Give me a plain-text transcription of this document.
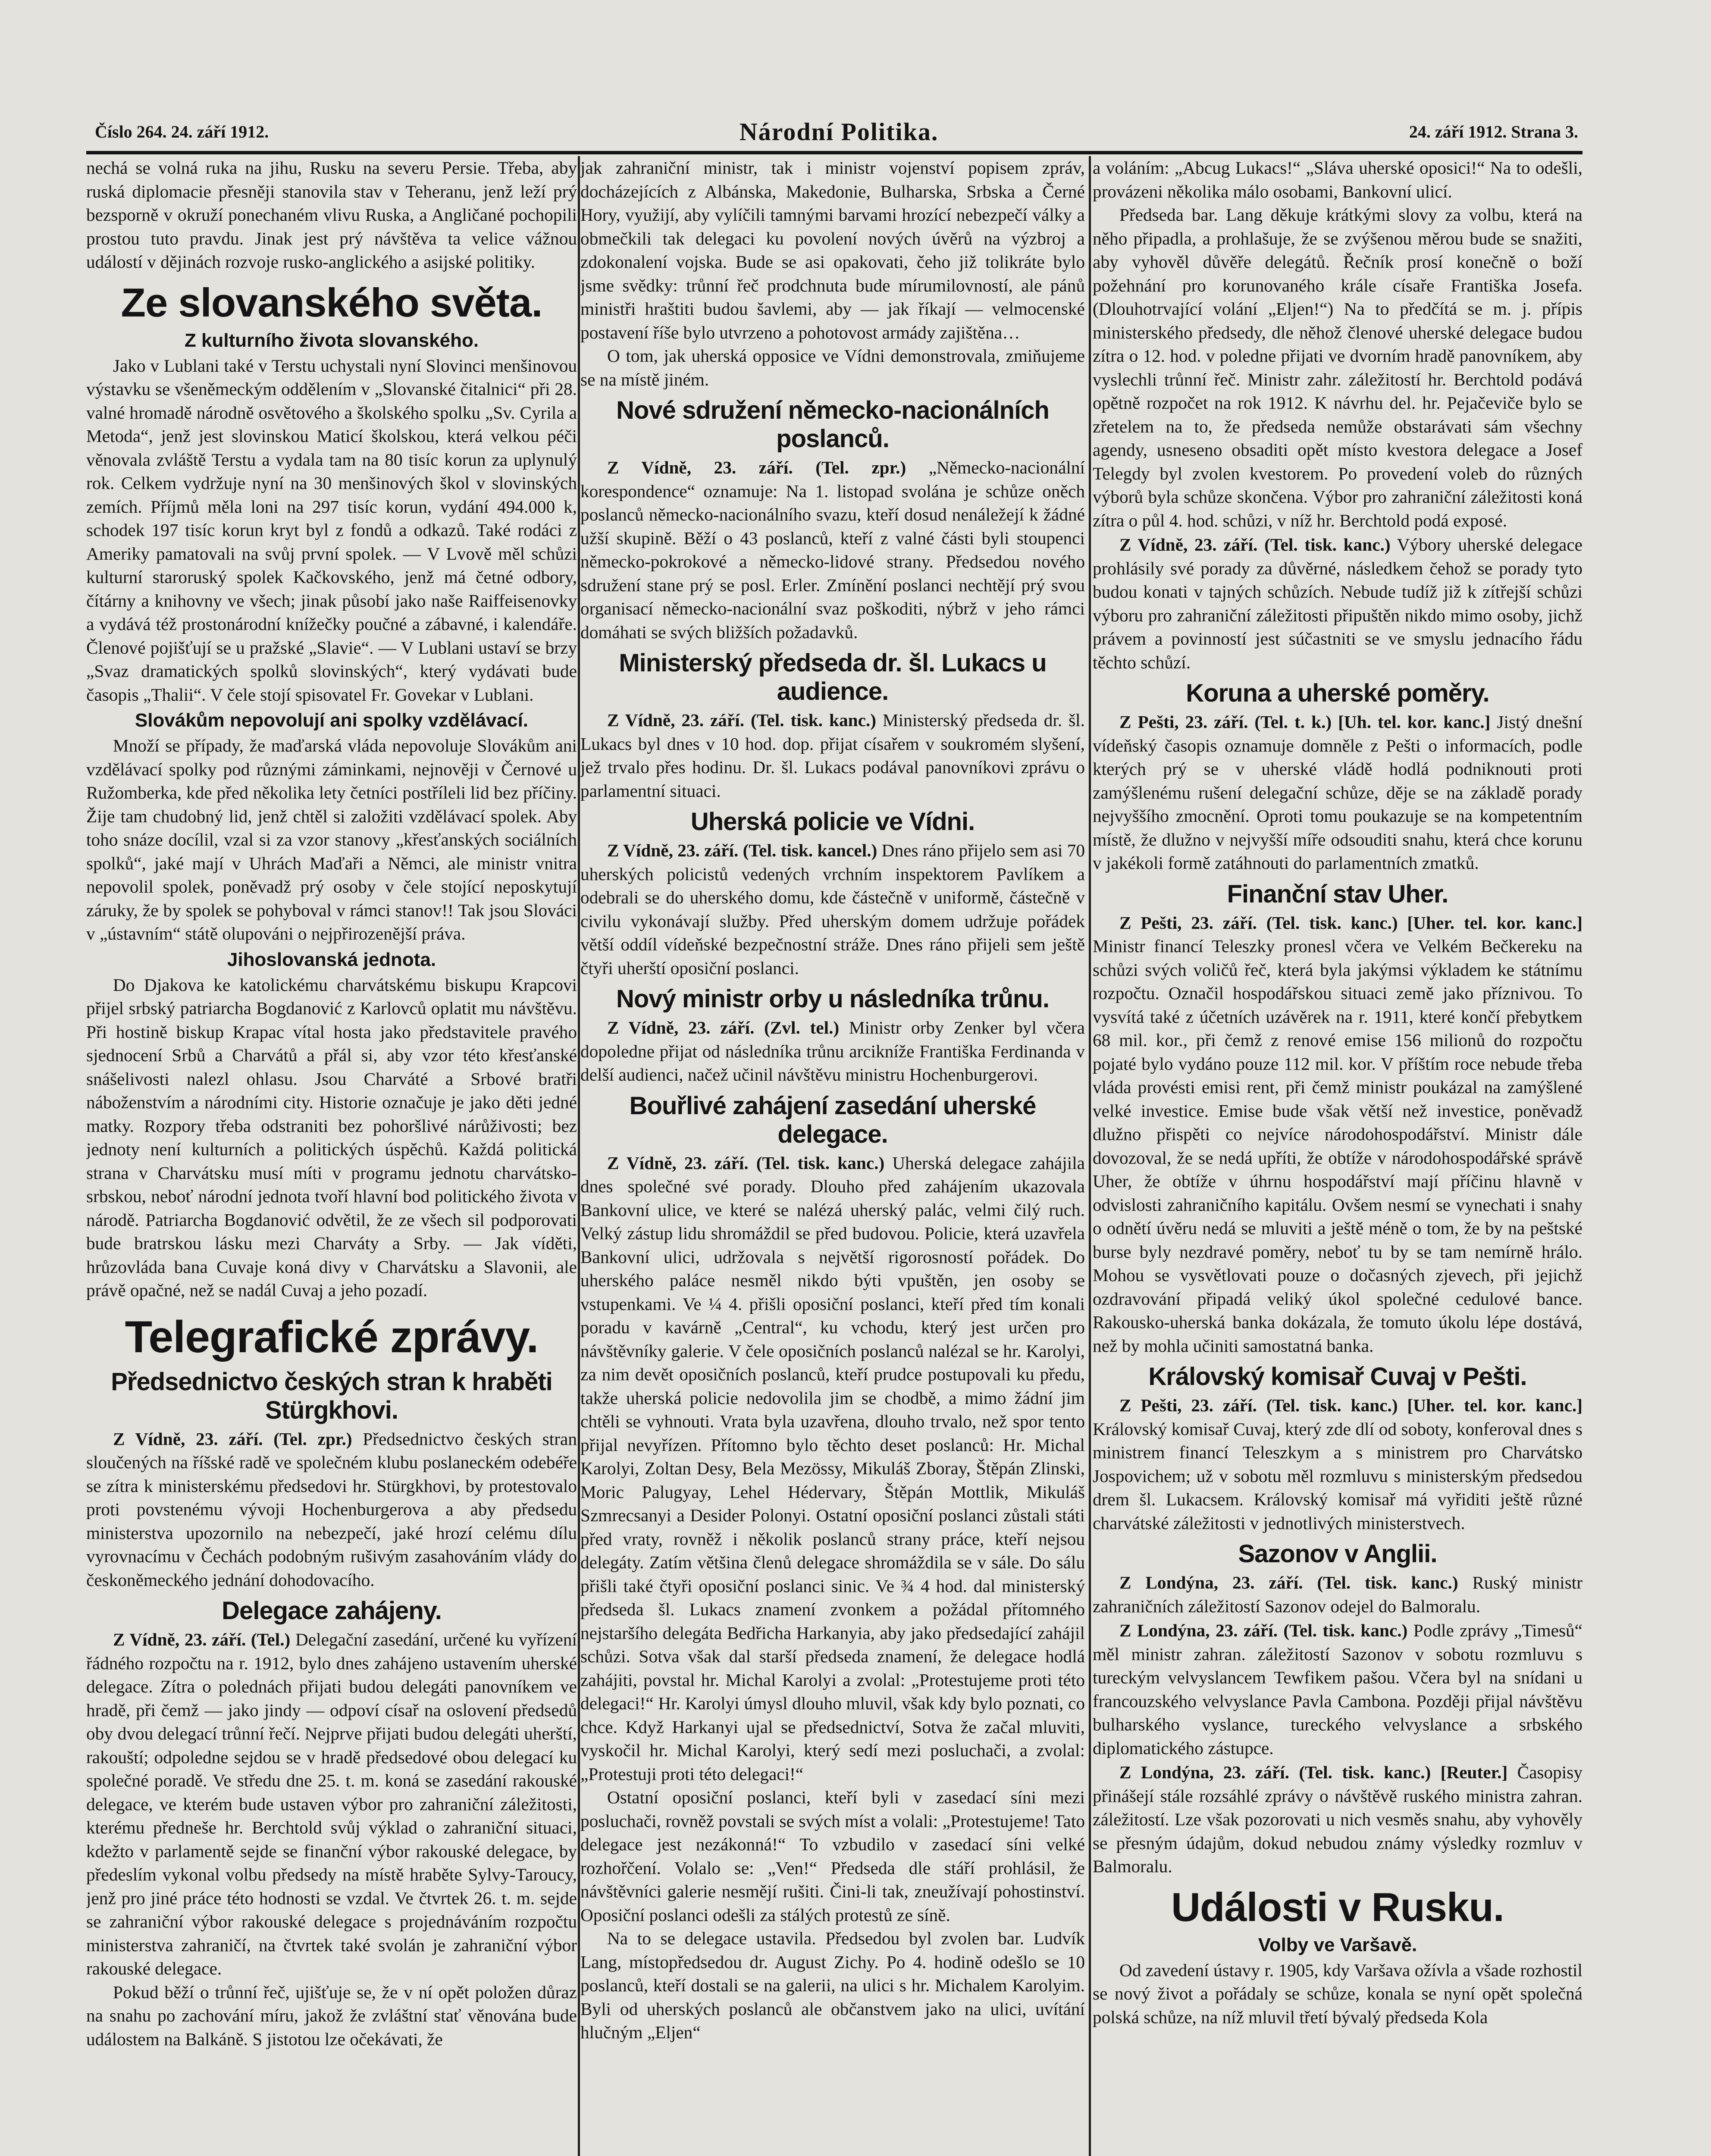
Číslo 264. 24. září 1912.	Národní Politika.	24. září 1912. Strana 3.

nechá se volná ruka na jihu, Rusku na severu Persie. Třeba, aby ruská diplomacie přesněji stanovila stav v Teheranu, jenž leží prý bezsporně v okruží ponechaném vlivu Ruska, a Angličané pochopili prostou tuto pravdu. Jinak jest prý návštěva ta velice vážnou událostí v dějinách rozvoje rusko-anglického a asijské politiky.

Ze slovanského světa.
Z kulturního života slovanského.

Jako v Lublani také v Terstu uchystali nyní Slovinci menšinovou výstavku se všeněmeckým oddělením v „Slovanské čitalnici“ při 28. valné hromadě národně osvětového a školského spolku „Sv. Cyrila a Metoda“, jenž jest slovinskou Maticí školskou, která velkou péči věnovala zvláště Terstu a vydala tam na 80 tisíc korun za uplynulý rok. Celkem vydržuje nyní na 30 menšinových škol v slovinských zemích. Příjmů měla loni na 297 tisíc korun, vydání 494.000 k, schodek 197 tisíc korun kryt byl z fondů a odkazů. Také rodáci z Ameriky pamatovali na svůj první spolek. — V Lvově měl schůzi kulturní staroruský spolek Kačkovského, jenž má četné odbory, čítárny a knihovny ve všech; jinak působí jako naše Raiffeisenovky a vydává též prostonárodní knížečky poučné a zábavné, i kalendáře. Členové pojišťují se u pražské „Slavie“. — V Lublani ustaví se brzy „Svaz dramatických spolků slovinských“, který vydávati bude časopis „Thalii“. V čele stojí spisovatel Fr. Govekar v Lublani.

Slovákům nepovolují ani spolky vzdělávací.

Množí se případy, že maďarská vláda nepovoluje Slovákům ani vzdělávací spolky pod různými záminkami, nejnověji v Černové u Ružomberka, kde před několika lety četníci postříleli lid bez příčiny. Žije tam chudobný lid, jenž chtěl si založiti vzdělávací spolek. Aby toho snáze docílil, vzal si za vzor stanovy „křesťanských sociálních spolků“, jaké mají v Uhrách Maďaři a Němci, ale ministr vnitra nepovolil spolek, poněvadž prý osoby v čele stojící neposkytují záruky, že by spolek se pohyboval v rámci stanov!! Tak jsou Slováci v „ústavním“ státě olupováni o nejpřirozenější práva.

Jihoslovanská jednota.

Do Djakova ke katolickému charvátskému biskupu Krapcovi přijel srbský patriarcha Bogdanović z Karlovců oplatit mu návštěvu. Při hostině biskup Krapac vítal hosta jako představitele pravého sjednocení Srbů a Charvátů a přál si, aby vzor této křesťanské snášelivosti nalezl ohlasu. Jsou Charváté a Srbové bratři náboženstvím a národními city. Historie označuje je jako děti jedné matky. Rozpory třeba odstraniti bez pohoršlivé nárůživosti; bez jednoty není kulturních a politických úspěchů. Každá politická strana v Charvátsku musí míti v programu jednotu charvátsko-srbskou, neboť národní jednota tvoří hlavní bod politického života v národě. Patriarcha Bogdanović odvětil, že ze všech sil podporovati bude bratrskou lásku mezi Charváty a Srby. — Jak víděti, hrůzovláda bana Cuvaje koná divy v Charvátsku a Slavonii, ale právě opačné, než se nadál Cuvaj a jeho pozadí.

Telegrafické zprávy.
Předsednictvo českých stran k hraběti Stürgkhovi.

Z Vídně, 23. září. (Tel. zpr.) Předsednictvo českých stran sloučených na říšské radě ve společném klubu poslaneckém odebéře se zítra k ministerskému předsedovi hr. Stürgkhovi, by protestovalo proti povstenému vývoji Hochenburgerova a aby předsedu ministerstva upozornilo na nebezpečí, jaké hrozí celému dílu vyrovnacímu v Čechách podobným rušivým zasahováním vlády do českoněmeckého jednání dohodovacího.

Delegace zahájeny.

Z Vídně, 23. září. (Tel.) Delegační zasedání, určené ku vyřízení řádného rozpočtu na r. 1912, bylo dnes zahájeno ustavením uherské delegace. Zítra o polednách přijati budou delegáti panovníkem ve hradě, při čemž — jako jindy — odpoví císař na oslovení předsedů oby dvou delegací trůnní řečí. Nejprve přijati budou delegáti uherští, rakouští; odpoledne sejdou se v hradě předsedové obou delegací ku společné poradě. Ve středu dne 25. t. m. koná se zasedání rakouské delegace, ve kterém bude ustaven výbor pro zahraniční záležitosti, kterému předneše hr. Berchtold svůj výklad o zahraniční situaci, kdežto v parlamentě sejde se finanční výbor rakouské delegace, by předeslím vykonal volbu předsedy na místě hraběte Sylvy-Taroucy, jenž pro jiné práce této hodnosti se vzdal. Ve čtvrtek 26. t. m. sejde se zahraniční výbor rakouské delegace s projednáváním rozpočtu ministerstva zahraničí, na čtvrtek také svolán je zahraniční výbor rakouské delegace.

Pokud běží o trůnní řeč, ujišťuje se, že v ní opět položen důraz na snahu po zachování míru, jakož že zvláštní stať věnována bude událostem na Balkáně. S jistotou lze očekávati, že

jak zahraniční ministr, tak i ministr vojenství popisem zpráv, docházejících z Albánska, Makedonie, Bulharska, Srbska a Černé Hory, využijí, aby vylíčili tamnými barvami hrozící nebezpečí války a obmečkili tak delegaci ku povolení nových úvěrů na výzbroj a zdokonalení vojska. Bude se asi opakovati, čeho již tolikráte bylo jsme svědky: trůnní řeč prodchnuta bude mírumilovností, ale pánů ministři hraštiti budou šavlemi, aby — jak říkají — velmocenské postavení říše bylo utvrzeno a pohotovost armády zajištěna…

O tom, jak uherská opposice ve Vídni demonstrovala, zmiňujeme se na místě jiném.

Nové sdružení německo-nacionálních poslanců.

Z Vídně, 23. září. (Tel. zpr.) „Německo-nacionální korespondence“ oznamuje: Na 1. listopad svolána je schůze oněch poslanců německo-nacionálního svazu, kteří dosud nenáležejí k žádné užší skupině. Běží o 43 poslanců, kteří z valné části byli stoupenci německo-pokrokové a německo-lidové strany. Předsedou nového sdružení stane prý se posl. Erler. Zmínění poslanci nechtějí prý svou organisací německo-nacionální svaz poškoditi, nýbrž v jeho rámci domáhati se svých bližších požadavků.

Ministerský předseda dr. šl. Lukacs u audience.

Z Vídně, 23. září. (Tel. tisk. kanc.) Ministerský předseda dr. šl. Lukacs byl dnes v 10 hod. dop. přijat císařem v soukromém slyšení, jež trvalo přes hodinu. Dr. šl. Lukacs podával panovníkovi zprávu o parlamentní situaci.

Uherská policie ve Vídni.

Z Vídně, 23. září. (Tel. tisk. kancel.) Dnes ráno přijelo sem asi 70 uherských policistů vedených vrchním inspektorem Pavlíkem a odebrali se do uherského domu, kde částečně v uniformě, částečně v civilu vykonávají služby. Před uherským domem udržuje pořádek větší oddíl vídeňské bezpečnostní stráže. Dnes ráno přijeli sem ještě čtyři uherští oposiční poslanci.

Nový ministr orby u následníka trůnu.

Z Vídně, 23. září. (Zvl. tel.) Ministr orby Zenker byl včera dopoledne přijat od následníka trůnu arcikníže Františka Ferdinanda v delší audienci, načež učinil návštěvu ministru Hochenburgerovi.

Bouřlivé zahájení zasedání uherské delegace.

Z Vídně, 23. září. (Tel. tisk. kanc.) Uherská delegace zahájila dnes společné své porady. Dlouho před zahájením ukazovala Bankovní ulice, ve které se nalézá uherský palác, velmi čilý ruch. Velký zástup lidu shromáždil se před budovou. Policie, která uzavřela Bankovní ulici, udržovala s největší rigorosností pořádek. Do uherského paláce nesměl nikdo býti vpuštěn, jen osoby se vstupenkami. Ve ¼ 4. přišli oposiční poslanci, kteří před tím konali poradu v kavárně „Central“, ku vchodu, který jest určen pro návštěvníky galerie. V čele oposičních poslanců nalézal se hr. Karolyi, za nim devět oposičních poslanců, kteří prudce postupovali ku předu, takže uherská policie nedovolila jim se chodbě, a mimo žádní jim chtěli se vyhnouti. Vrata byla uzavřena, dlouho trvalo, než spor tento přijal nevyřízen. Přítomno bylo těchto deset poslanců: Hr. Michal Karolyi, Zoltan Desy, Bela Mezössy, Mikuláš Zboray, Štěpán Zlinski, Moric Palugyay, Lehel Hédervary, Štěpán Mottlik, Mikuláš Szmrecsanyi a Desider Polonyi. Ostatní oposiční poslanci zůstali státi před vraty, rovněž i několik poslanců strany práce, kteří nejsou delegáty. Zatím většina členů delegace shromáždila se v sále. Do sálu přišli také čtyři oposiční poslanci sinic. Ve ¾ 4 hod. dal ministerský předseda šl. Lukacs znamení zvonkem a požádal přítomného nejstaršího delegáta Bedřicha Harkanyia, aby jako předsedající zahájil schůzi. Sotva však dal starší předseda znamení, že delegace hodlá zahájiti, povstal hr. Michal Karolyi a zvolal: „Protestujeme proti této delegaci!“ Hr. Karolyi úmysl dlouho mluvil, však kdy bylo poznati, co chce. Když Harkanyi ujal se předsednictví, Sotva že začal mluviti, vyskočil hr. Michal Karolyi, který sedí mezi posluchači, a zvolal: „Protestuji proti této delegaci!“

Ostatní oposiční poslanci, kteří byli v zasedací síni mezi posluchači, rovněž povstali se svých míst a volali: „Protestujeme! Tato delegace jest nezákonná!“ To vzbudilo v zasedací síni velké rozhořčení. Volalo se: „Ven!“ Předseda dle stáří prohlásil, že návštěvníci galerie nesmějí rušiti. Čini-li tak, zneužívají pohostinství. Oposiční poslanci odešli za stálých protestů ze síně.

Na to se delegace ustavila. Předsedou byl zvolen bar. Ludvík Lang, místopředsedou dr. August Zichy. Po 4. hodině odešlo se 10 poslanců, kteří dostali se na galerii, na ulici s hr. Michalem Karolyim. Byli od uherských poslanců ale občanstvem jako na ulici, uvítání hlučným „Eljen“

a voláním: „Abcug Lukacs!“ „Sláva uherské oposici!“ Na to odešli, provázeni několika málo osobami, Bankovní ulicí.

Předseda bar. Lang děkuje krátkými slovy za volbu, která na něho připadla, a prohlašuje, že se zvýšenou měrou bude se snažiti, aby vyhověl důvěře delegátů. Řečník prosí konečně o boží požehnání pro korunovaného krále císaře Františka Josefa. (Dlouhotrvající volání „Eljen!“) Na to předčítá se m. j. přípis ministerského předsedy, dle něhož členové uherské delegace budou zítra o 12. hod. v poledne přijati ve dvorním hradě panovníkem, aby vyslechli trůnní řeč. Ministr zahr. záležitostí hr. Berchtold podává opětně rozpočet na rok 1912. K návrhu del. hr. Pejačeviče bylo se zřetelem na to, že předseda nemůže obstarávati sám všechny agendy, usneseno obsaditi opět místo kvestora delegace a Josef Telegdy byl zvolen kvestorem. Po provedení voleb do různých výborů byla schůze skončena. Výbor pro zahraniční záležitosti koná zítra o půl 4. hod. schůzi, v níž hr. Berchtold podá exposé.

Z Vídně, 23. září. (Tel. tisk. kanc.) Výbory uherské delegace prohlásily své porady za důvěrné, následkem čehož se porady tyto budou konati v tajných schůzích. Nebude tudíž již k zítřejší schůzi výboru pro zahraniční záležitosti připuštěn nikdo mimo osoby, jichž právem a povinností jest súčastniti se ve smyslu jednacího řádu těchto schůzí.

Koruna a uherské poměry.

Z Pešti, 23. září. (Tel. t. k.) [Uh. tel. kor. kanc.] Jistý dnešní vídeňský časopis oznamuje domněle z Pešti o informacích, podle kterých prý se v uherské vládě hodlá podniknouti proti zamýšlenému rušení delegační schůze, děje se na základě porady nejvyššího zmocnění. Oproti tomu poukazuje se na kompetentním místě, že dlužno v nejvyšší míře odsouditi snahu, která chce korunu v jakékoli formě zatáhnouti do parlamentních zmatků.

Finanční stav Uher.

Z Pešti, 23. září. (Tel. tisk. kanc.) [Uher. tel. kor. kanc.] Ministr financí Teleszky pronesl včera ve Velkém Bečkereku na schůzi svých voličů řeč, která byla jakýmsi výkladem ke státnímu rozpočtu. Označil hospodářskou situaci země jako příznivou. To vysvítá také z účetních uzávěrek na r. 1911, které končí přebytkem 68 mil. kor., při čemž z renové emise 156 milionů do rozpočtu pojaté bylo vydáno pouze 112 mil. kor. V příštím roce nebude třeba vláda provésti emisi rent, při čemž ministr poukázal na zamýšlené velké investice. Emise bude však větší než investice, poněvadž dlužno přispěti co nejvíce národohospodářství. Ministr dále dovozoval, že se nedá upříti, že obtíže v národohospodářské správě Uher, že obtíže v úhrnu hospodářství mají příčinu hlavně v odvislosti zahraničního kapitálu. Ovšem nesmí se vynechati i snahy o odnětí úvěru nedá se mluviti a ještě méně o tom, že by na peštské burse byly nezdravé poměry, neboť tu by se tam nemírně hrálo. Mohou se vysvětlovati pouze o dočasných zjevech, při jejichž ozdravování připadá veliký úkol společné cedulové bance. Rakousko-uherská banka dokázala, že tomuto úkolu lépe dostává, než by mohla učiniti samostatná banka.

Královský komisař Cuvaj v Pešti.

Z Pešti, 23. září. (Tel. tisk. kanc.) [Uher. tel. kor. kanc.] Královský komisař Cuvaj, který zde dlí od soboty, konferoval dnes s ministrem financí Teleszkym a s ministrem pro Charvátsko Jospovichem; už v sobotu měl rozmluvu s ministerským předsedou drem šl. Lukacsem. Královský komisař má vyřiditi ještě různé charvátské záležitosti v jednotlivých ministerstvech.

Sazonov v Anglii.

Z Londýna, 23. září. (Tel. tisk. kanc.) Ruský ministr zahraničních záležitostí Sazonov odejel do Balmoralu.

Z Londýna, 23. září. (Tel. tisk. kanc.) Podle zprávy „Timesů“ měl ministr zahran. záležitostí Sazonov v sobotu rozmluvu s tureckým velvyslancem Tewfikem pašou. Včera byl na snídani u francouzského velvyslance Pavla Cambona. Později přijal návštěvu bulharského vyslance, tureckého velvyslance a srbského diplomatického zástupce.

Z Londýna, 23. září. (Tel. tisk. kanc.) [Reuter.] Časopisy přinášejí stále rozsáhlé zprávy o návštěvě ruského ministra zahran. záležitostí. Lze však pozorovati u nich vesměs snahu, aby vyhověly se přesným údajům, dokud nebudou známy výsledky rozmluv v Balmoralu.

Události v Rusku.
Volby ve Varšavě.

Od zavedení ústavy r. 1905, kdy Varšava ožívla a všade rozhostil se nový život a pořádaly se schůze, konala se nyní opět společná polská schůze, na níž mluvil třetí bývalý předseda Kola
